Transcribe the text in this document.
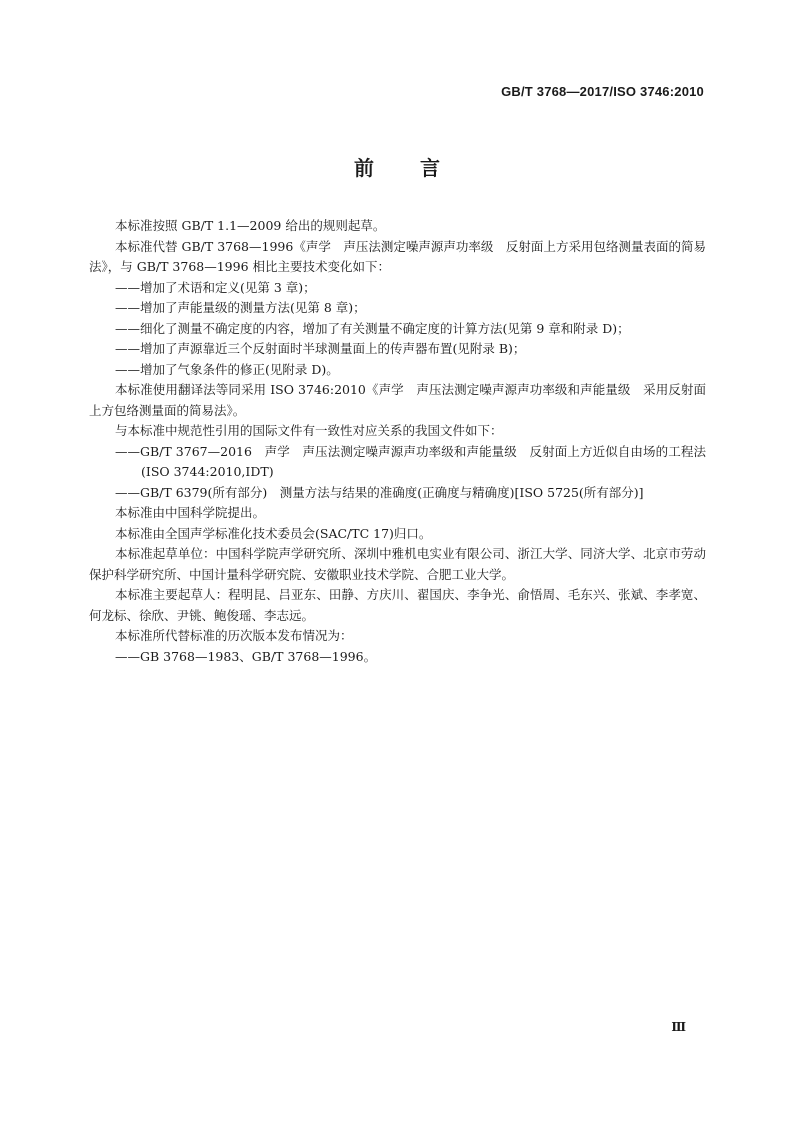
GB/T 3768—2017/ISO 3746:2010
前言

本标准按照 GB/T 1.1—2009 给出的规则起草。

本标准代替 GB/T 3768—1996《声学　声压法测定噪声源声功率级　反射面上方采用包络测量表面的简易法》，与 GB/T 3768—1996 相比主要技术变化如下：

——增加了术语和定义(见第 3 章)；

——增加了声能量级的测量方法(见第 8 章)；

——细化了测量不确定度的内容，增加了有关测量不确定度的计算方法(见第 9 章和附录 D)；

——增加了声源靠近三个反射面时半球测量面上的传声器布置(见附录 B)；

——增加了气象条件的修正(见附录 D)。

本标准使用翻译法等同采用 ISO 3746:2010《声学　声压法测定噪声源声功率级和声能量级　采用反射面上方包络测量面的简易法》。

与本标准中规范性引用的国际文件有一致性对应关系的我国文件如下：

——GB/T 3767—2016　声学　声压法测定噪声源声功率级和声能量级　反射面上方近似自由场的工程法(ISO 3744:2010,IDT)

——GB/T 6379(所有部分)　测量方法与结果的准确度(正确度与精确度)[ISO 5725(所有部分)]

本标准由中国科学院提出。

本标准由全国声学标准化技术委员会(SAC/TC 17)归口。

本标准起草单位：中国科学院声学研究所、深圳中雅机电实业有限公司、浙江大学、同济大学、北京市劳动保护科学研究所、中国计量科学研究院、安徽职业技术学院、合肥工业大学。

本标准主要起草人：程明昆、吕亚东、田静、方庆川、翟国庆、李争光、俞悟周、毛东兴、张斌、李孝宽、何龙标、徐欣、尹铫、鲍俊瑶、李志远。

本标准所代替标准的历次版本发布情况为：

——GB 3768—1983、GB/T 3768—1996。

Ⅲ
